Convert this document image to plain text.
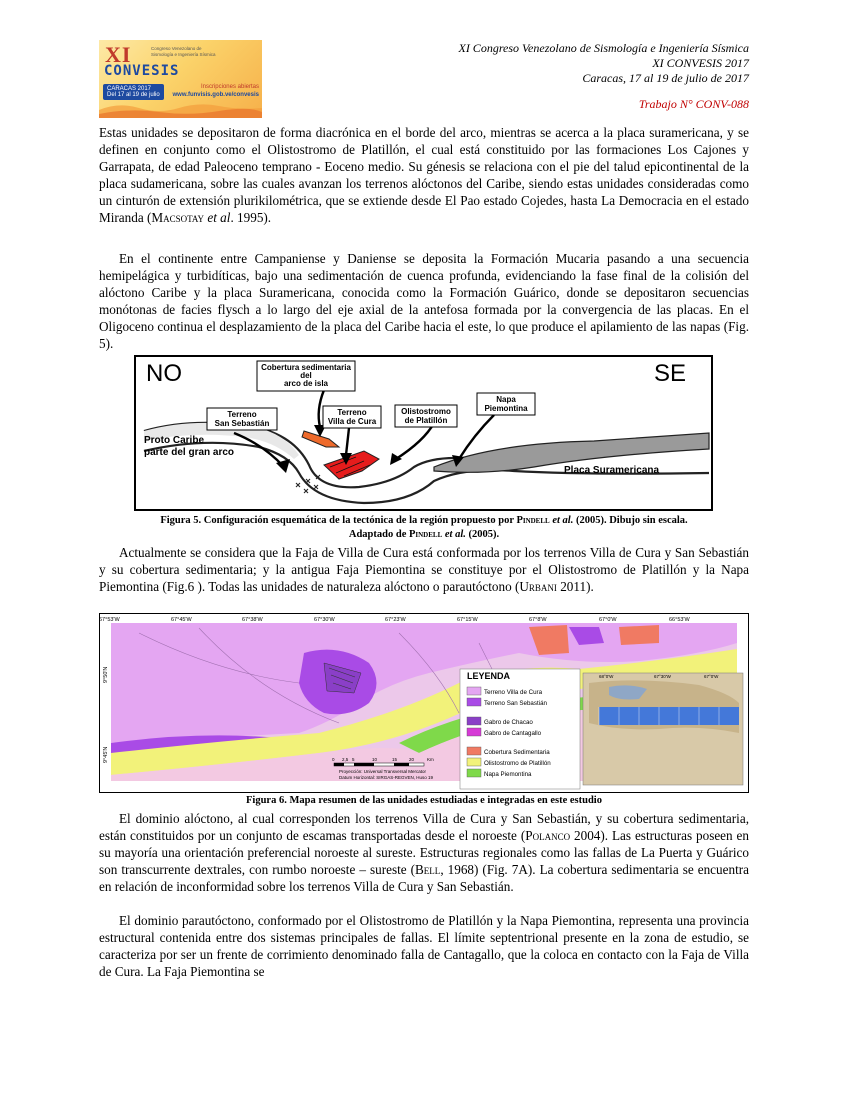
XI
CONVESIS
Congreso Venezolano de Sismología e Ingeniería Sísmica
CARACAS 2017
Del 17 al 19 de julio
Inscripciones abiertas
www.funvisis.gob.ve/convesis
XI Congreso Venezolano de Sismología e Ingeniería Sísmica
XI CONVESIS 2017
Caracas, 17 al 19 de julio de 2017
Trabajo N° CONV-088

Estas unidades se depositaron de forma diacrónica en el borde del arco, mientras se acerca a la placa suramericana, y se definen en conjunto como el Olistostromo de Platillón, el cual está constituido por las formaciones Los Cajones y Garrapata, de edad Paleoceno temprano - Eoceno medio. Su génesis se relaciona con el pie del talud epicontinental de la placa sudamericana, sobre las cuales avanzan los terrenos alóctonos del Caribe, siendo estas unidades consideradas como un cinturón de extensión plurikilométrica, que se extiende desde El Pao estado Cojedes, hasta La Democracia en el estado Miranda (Macsotay et al. 1995).

En el continente entre Campaniense y Daniense se deposita la Formación Mucaria pasando a una secuencia hemipelágica y turbidíticas, bajo una sedimentación de cuenca profunda, evidenciando la fase final de la colisión del alóctono Caribe y la placa Suramericana, conocida como la Formación Guárico, donde se depositaron secuencias monótonas de facies flysch a lo largo del eje axial de la antefosa formada por la convergencia de las placas. En el Oligoceno continua el desplazamiento de la placa del Caribe hacia el este, lo que produce el apilamiento de las napas (Fig. 5).

NO	SE
Cobertura sedimentaria
del
arco de isla
Terreno
San Sebastián
Terreno
Villa de Cura
Olistostromo
de Platillón
Napa
Piemontina
Proto Caribe
parte del gran arco
Placa Suramericana

Figura 5. Configuración esquemática de la tectónica de la región propuesto por Pindell et al. (2005). Dibujo sin escala.
Adaptado de Pindell et al. (2005).

Actualmente se considera que la Faja de Villa de Cura está conformada por los terrenos Villa de Cura y San Sebastián y su cobertura sedimentaria; y la antigua Faja Piemontina se constituye por el Olistostromo de Platillón y la Napa Piemontina (Fig.6 ). Todas las unidades de naturaleza alóctono o parautóctono (Urbani 2011).

67°53'W	67°45'W	67°38'W	67°30'W	67°23'W	67°15'W	67°8'W	67°0'W	66°53'W
9°50'N
9°45'N
LEYENDA
Terreno Villa de Cura
Terreno San Sebastián
Gabro de Chacao
Gabro de Cantagallo
Cobertura Sedimentaria
Olistostromo de Platillón
Napa Piemontina
68°0'W	67°30'W	67°0'W
0 2,5 5	10	15	20	Km
Proyección: Universal Transversal Mercator
Datum Horizontal: SIRGAS-REGVEN, Huso 19

Figura 6. Mapa resumen de las unidades estudiadas e integradas en este estudio

El dominio alóctono, al cual corresponden los terrenos Villa de Cura y San Sebastián, y su cobertura sedimentaria, están constituidos por un conjunto de escamas transportadas desde el noroeste (Polanco 2004). Las estructuras poseen en su mayoría una orientación preferencial noroeste al sureste. Estructuras regionales como las fallas de La Puerta y Guárico son transcurrente dextrales, con rumbo noroeste – sureste (Bell, 1968) (Fig. 7A). La cobertura sedimentaria se encuentra en relación de inconformidad sobre los terrenos Villa de Cura y San Sebastián.

El dominio parautóctono, conformado por el Olistostromo de Platillón y la Napa Piemontina, representa una provincia estructural contenida entre dos sistemas principales de fallas. El límite septentrional presente en la zona de estudio, se caracteriza por ser un frente de corrimiento denominado falla de Cantagallo, que la coloca en contacto con la Faja de Villa de Cura. La Faja Piemontina se
